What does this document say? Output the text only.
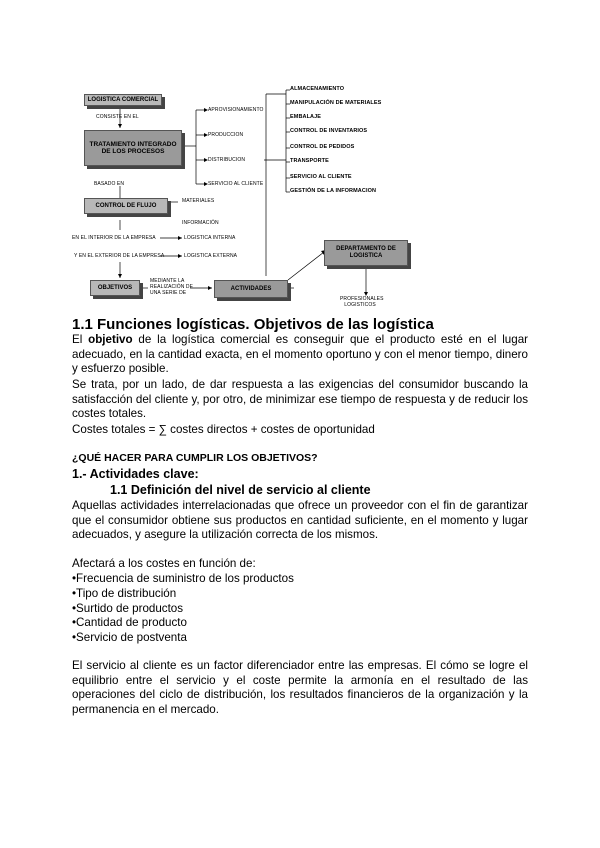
LOGISTICA COMERCIAL
CONSISTE EN EL
TRATAMIENTO INTEGRADO DE LOS PROCESOS
APROVISIONAMIENTO
PRODUCCION
DISTRIBUCION
SERVICIO AL CLIENTE
BASADO EN
CONTROL DE FLUJO
MATERIALES
INFORMACIÓN
EN EL INTERIOR DE LA EMPRESA	LOGISTICA INTERNA
Y EN EL EXTERIOR DE LA EMPRESA	LOGISTICA EXTERNA
ALMACENAMIENTO
MANIPULACIÓN DE MATERIALES
EMBALAJE
CONTROL DE INVENTARIOS
CONTROL DE PEDIDOS
TRANSPORTE
SERVICIO AL CLIENTE
GESTIÓN DE LA INFORMACION
OBJETIVOS
MEDIANTE LA REALIZACIÓN DE UNA SERIE DE
ACTIVIDADES
DEPARTAMENTO DE LOGISTICA
PROFESIONALES LOGISTICOS
1.1 Funciones logísticas. Objetivos de las logística
El objetivo de la logística comercial es conseguir que el producto esté en el lugar adecuado, en la cantidad exacta, en el momento oportuno y con el menor tiempo, dinero y esfuerzo posible.
Se trata, por un lado, de dar respuesta a las exigencias del consumidor buscando la satisfacción del cliente y, por otro, de minimizar ese tiempo de respuesta y de reducir los costes totales.
Costes totales = ∑ costes directos + costes de oportunidad
¿QUÉ HACER PARA CUMPLIR LOS OBJETIVOS?
1.- Actividades clave:
1.1 Definición del nivel de servicio al cliente
Aquellas actividades interrelacionadas que ofrece un proveedor con el fin de garantizar que el consumidor obtiene sus productos en cantidad suficiente, en el momento y lugar adecuados, y asegure la utilización correcta de los mismos.
Afectará a los costes en función de:
•Frecuencia de suministro de los productos
•Tipo de distribución
•Surtido de productos
•Cantidad de producto
•Servicio de postventa
El servicio al cliente es un factor diferenciador entre las empresas. El cómo se logre el equilibrio entre el servicio y el coste permite la armonía en el resultado de las operaciones del ciclo de distribución, los resultados financieros de la organización y la permanencia en el mercado.
